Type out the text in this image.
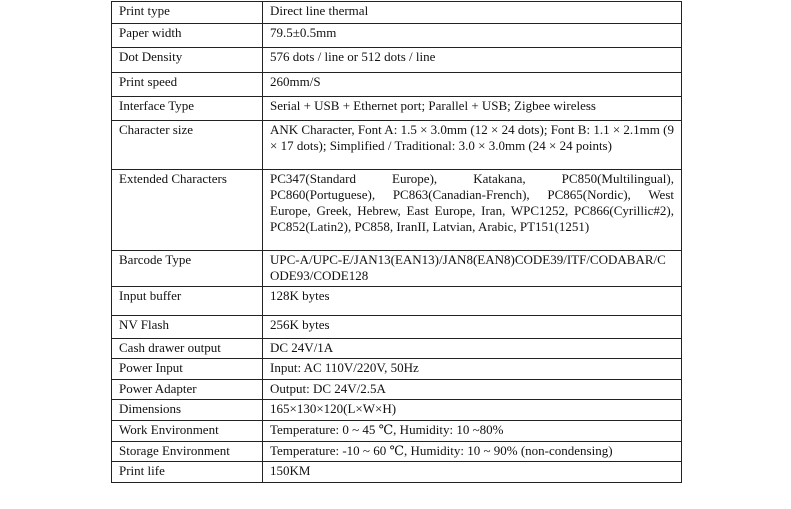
Print type	Direct line thermal
Paper width	79.5±0.5mm
Dot Density	576 dots / line or 512 dots / line
Print speed	260mm/S
Interface Type	Serial + USB + Ethernet port; Parallel + USB; Zigbee wireless
Character size	ANK Character, Font A: 1.5 × 3.0mm (12 × 24 dots); Font B: 1.1 × 2.1mm (9 × 17 dots); Simplified / Traditional: 3.0 × 3.0mm (24 × 24 points)
Extended Characters	PC347(Standard Europe), Katakana, PC850(Multilingual), PC860(Portuguese), PC863(Canadian-French), PC865(Nordic), West Europe, Greek, Hebrew, East Europe, Iran, WPC1252, PC866(Cyrillic#2), PC852(Latin2), PC858, IranII, Latvian, Arabic, PT151(1251)
Barcode Type	UPC-A/UPC-E/JAN13(EAN13)/JAN8(EAN8)CODE39/ITF/CODABAR/CODE93/CODE128
Input buffer	128K bytes
NV Flash	256K bytes
Cash drawer output	DC 24V/1A
Power Input	Input: AC 110V/220V, 50Hz
Power Adapter	Output: DC 24V/2.5A
Dimensions	165×130×120(L×W×H)
Work Environment	Temperature: 0 ~ 45 ℃, Humidity: 10 ~80%
Storage Environment	Temperature: -10 ~ 60 ℃, Humidity: 10 ~ 90% (non-condensing)
Print life	150KM
